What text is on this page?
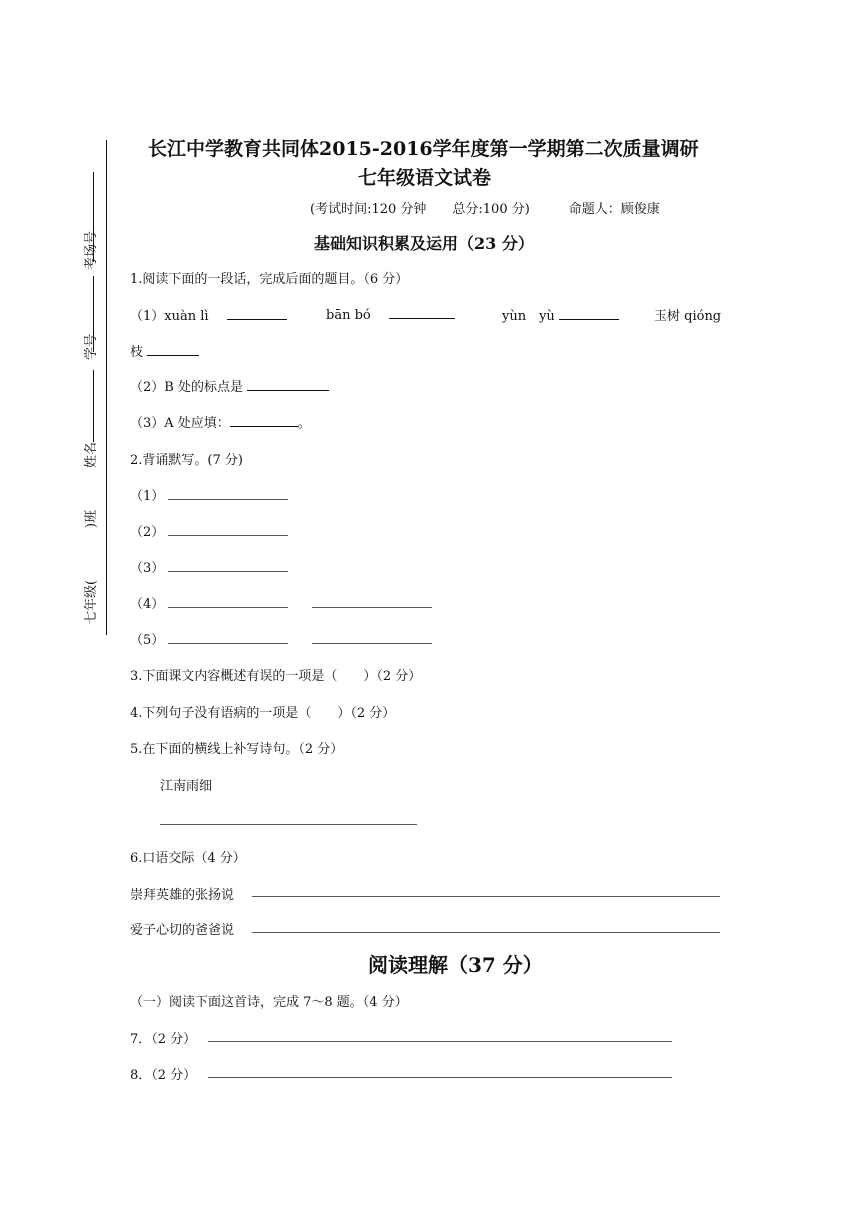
考场号
学号
姓名
)班
七年级(
长江中学教育共同体2015-2016学年度第一学期第二次质量调研
七年级语文试卷
(考试时间:120 分钟　　总分:100 分)　　　命题人：顾俊康
基础知识积累及运用（23 分）
1.阅读下面的一段话，完成后面的题目。（6 分）
（1）xuàn lì	bān bó	yùn　yù	玉树 qióng
枝
（2）B 处的标点是
（3）A 处应填：	。
2.背诵默写。(7 分)
（1）
（2）
（3）
（4）
（5）
3.下面课文内容概述有误的一项是（　　）（2 分）
4.下列句子没有语病的一项是（　　）（2 分）
5.在下面的横线上补写诗句。（2 分）
江南雨细
6.口语交际（4 分）
崇拜英雄的张扬说
爱子心切的爸爸说
阅读理解（37 分）
（一）阅读下面这首诗，完成 7～8 题。（4 分）
7．（2 分）
8．（2 分）
